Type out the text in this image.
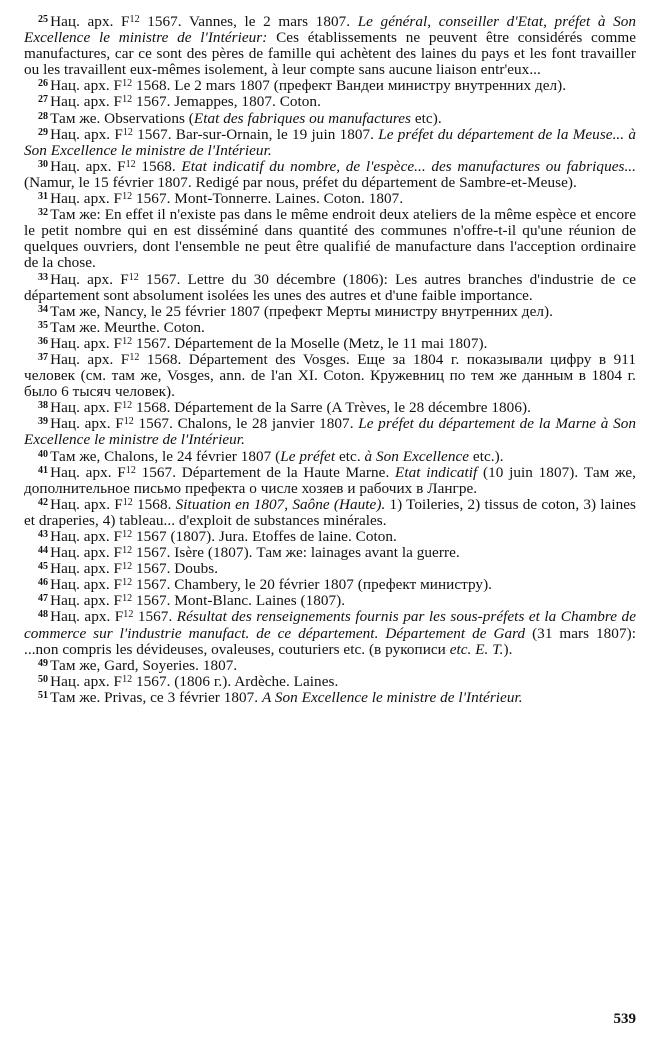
$^{25}$ Нац. арх. $F^{12}$ 1567. Vannes, le 2 mars 1807. Le général, conseiller d'Etat, préfet à Son Excellence le ministre de l'Intérieur: Ces établissements ne peuvent être considérés comme manufactures, car ce sont des pères de famille qui achètent des laines du pays et les font travailler ou les travaillent eux-mêmes isolement, à leur compte sans aucune liaison entr'eux...

$^{26}$ Нац. арх. $F^{12}$ 1568. Le 2 mars 1807 (префект Вандеи министру внутренних дел).

$^{27}$ Нац. арх. $F^{12}$ 1567. Jemappes, 1807. Coton.

$^{28}$ Там же. Observations (Etat des fabriques ou manufactures etc).

$^{29}$ Нац. арх. $F^{12}$ 1567. Bar-sur-Ornain, le 19 juin 1807. Le préfet du département de la Meuse... à Son Excellence le ministre de l'Intérieur.

$^{30}$ Нац. арх. $F^{12}$ 1568. Etat indicatif du nombre, de l'espèce... des manufactures ou fabriques... (Namur, le 15 février 1807. Redigé par nous, préfet du département de Sambre-et-Meuse).

$^{31}$ Нац. арх. $F^{12}$ 1567. Mont-Tonnerre. Laines. Coton. 1807.

$^{32}$ Там же: En effet il n'existe pas dans le même endroit deux ateliers de la même espèce et encore le petit nombre qui en est disséminé dans quantité des communes n'offre-t-il qu'une réunion de quelques ouvriers, dont l'ensemble ne peut être qualifié de manufacture dans l'acception ordinaire de la chose.

$^{33}$ Нац. арх. $F^{12}$ 1567. Lettre du 30 décembre (1806): Les autres branches d'industrie de ce département sont absolument isolées les unes des autres et d'une faible importance.

$^{34}$ Там же, Nancy, le 25 février 1807 (префект Мерты министру внутренних дел).

$^{35}$ Там же. Meurthe. Coton.

$^{36}$ Нац. арх. $F^{12}$ 1567. Département de la Moselle (Metz, le 11 mai 1807).

$^{37}$ Нац. арх. $F^{12}$ 1568. Département des Vosges. Еще за 1804 г. показывали цифру в 911 человек (см. там же, Vosges, ann. de l'an XI. Coton. Кружевниц по тем же данным в 1804 г. было 6 тысяч человек).

$^{38}$ Нац. арх. $F^{12}$ 1568. Département de la Sarre (A Trèves, le 28 décembre 1806).

$^{39}$ Нац. арх. $F^{12}$ 1567. Chalons, le 28 janvier 1807. Le préfet du département de la Marne à Son Excellence le ministre de l'Intérieur.

$^{40}$ Там же, Chalons, le 24 février 1807 (Le préfet etc. à Son Excellence etc.).

$^{41}$ Нац. арх. $F^{12}$ 1567. Département de la Haute Marne. Etat indicatif (10 juin 1807). Там же, дополнительное письмо префекта о числе хозяев и рабочих в Лангре.

$^{42}$ Нац. арх. $F^{12}$ 1568. Situation en 1807, Saône (Haute). 1) Toileries, 2) tissus de coton, 3) laines et draperies, 4) tableau... d'exploit de substances minérales.

$^{43}$ Нац. арх. $F^{12}$ 1567 (1807). Jura. Etoffes de laine. Coton.

$^{44}$ Нац. арх. $F^{12}$ 1567. Isère (1807). Там же: lainages avant la guerre.

$^{45}$ Нац. арх. $F^{12}$ 1567. Doubs.

$^{46}$ Нац. арх. $F^{12}$ 1567. Chambery, le 20 février 1807 (префект министру).

$^{47}$ Нац. арх. $F^{12}$ 1567. Mont-Blanc. Laines (1807).

$^{48}$ Нац. арх. $F^{12}$ 1567. Résultat des renseignements fournis par les sous-préfets et la Chambre de commerce sur l'industrie manufact. de ce département. Département de Gard (31 mars 1807): ...non compris les dévideuses, ovaleuses, couturiers etc. (в рукописи etc. E. T.).

$^{49}$ Там же, Gard, Soyeries. 1807.

$^{50}$ Нац. арх. $F^{12}$ 1567. (1806 г.). Ardèche. Laines.

$^{51}$ Там же. Privas, ce 3 février 1807. A Son Excellence le ministre de l'Intérieur.

539
